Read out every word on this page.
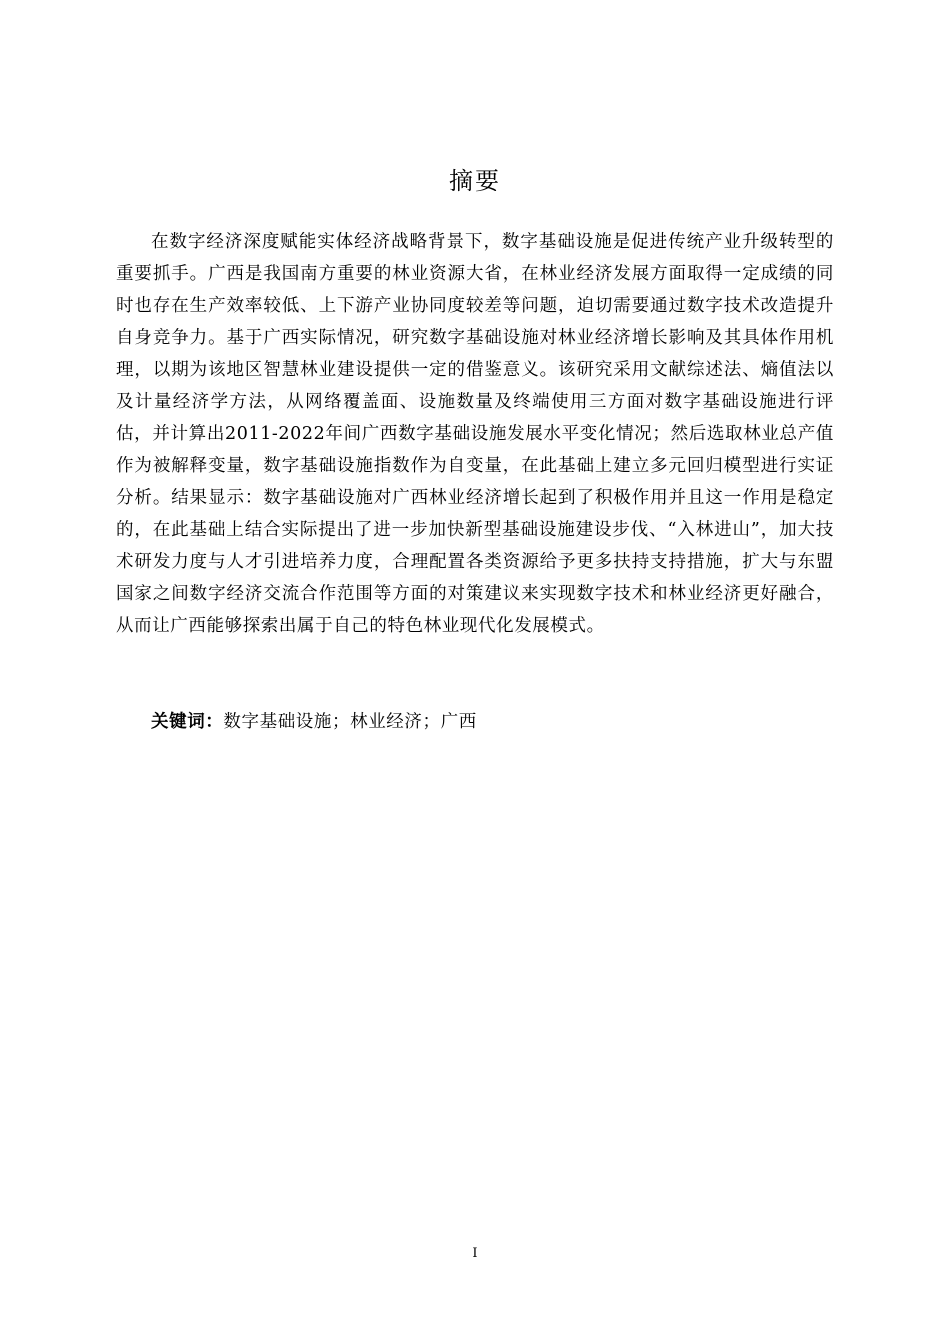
摘要

在数字经济深度赋能实体经济战略背景下，数字基础设施是促进传统产业升级转型的重要抓手。广西是我国南方重要的林业资源大省，在林业经济发展方面取得一定成绩的同时也存在生产效率较低、上下游产业协同度较差等问题，迫切需要通过数字技术改造提升自身竞争力。基于广西实际情况，研究数字基础设施对林业经济增长影响及其具体作用机理，以期为该地区智慧林业建设提供一定的借鉴意义。该研究采用文献综述法、熵值法以及计量经济学方法，从网络覆盖面、设施数量及终端使用三方面对数字基础设施进行评估，并计算出2011-2022年间广西数字基础设施发展水平变化情况；然后选取林业总产值作为被解释变量，数字基础设施指数作为自变量，在此基础上建立多元回归模型进行实证分析。结果显示：数字基础设施对广西林业经济增长起到了积极作用并且这一作用是稳定的，在此基础上结合实际提出了进一步加快新型基础设施建设步伐、“入林进山”，加大技术研发力度与人才引进培养力度，合理配置各类资源给予更多扶持支持措施，扩大与东盟国家之间数字经济交流合作范围等方面的对策建议来实现数字技术和林业经济更好融合，从而让广西能够探索出属于自己的特色林业现代化发展模式。

关键词：数字基础设施；林业经济；广西
I
